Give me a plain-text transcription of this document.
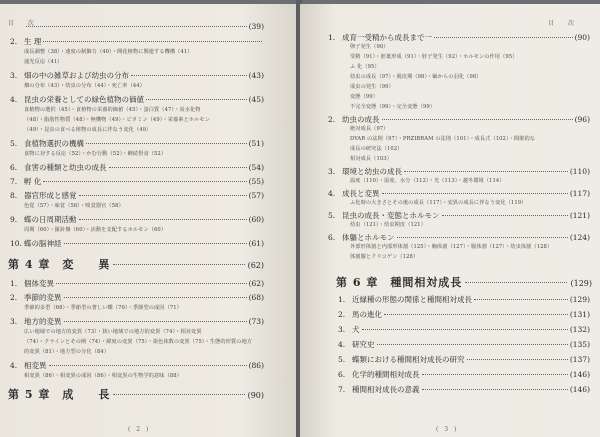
目 次	(39)
2. 生 理
成長調整（38）・速度の制御力（40）・開花植物に関連する機構（41）
通光反応（41）
3. 畑の中の雑草および幼虫の分布	(43)
畑の分布（43）・幼虫の分布（44）・死亡率（44）
4. 昆虫の栄養としての緑色植物の価値	(45)
食植物の選択（45）・食植物の栄養的価値（45）・蛋白質（47）・炭水化物
（48）・脂肪性物質（48）・無機物（49）・ビタミン（49）・栄養素とホルモン
（49）・昆虫の食べる植物の成長に伴なう変化（49）
5. 食植物選択の機構	(51)
食物に対する反応（52）・かむ行動（52）・継続摂食（52）
6. 食害の種類と幼虫の成長	(54)
7. 孵 化	(55)
8. 器官形成と感覚	(57)
色覚（57）・味覚（58）・嗅覚器官（58）
9. 蝶の日周期活動	(60)
周期（60）・羅針盤（60）・活動を支配するホルモン（60）
10. 蝶の脳神経	(61)
第 4 章　変　　異	(62)
1. 個体変異	(62)
2. 季節的変異	(68)
季節的多型（68）・季節型の著しい蝶（70）・季節型の成因（71）
3. 地方的変異	(73)
広い地域での地方的変異（73）・狭い地域での地方的変異（74）・相対変異
（74）・クラインとその例（74）・緯度の変異（75）・染色体数の変異（75）・生態的形質の地方
的変異（81）・地方型の分化（84）
4. 相変異	(86)
相変異（86）・相変異の成因（86）・相変異の生物学的意味（88）
第 5 章　成　　長	(90)
( 2 )
目 次
1. 成育一受精から成長まで一	(90)
卵子発生（90）
受精（91）・胚葉形成（91）・胚子発生（92）・ホルモンの作用（95）
ふ 化（95）
幼虫の成長（97）・脱皮期（98）・蛹からの羽化（98）
成虫の発生（99）
変態（99）
不完全変態（99）・完全変態（99）
2. 幼虫の成長	(96)
絶対成長（97）
DYAR の法則（97）・PRZIBRAM の法則（101）・成長式（102）・間歇的な
成長の研究法（102）
相対成長（103）
3. 環境と幼虫の成長	(110)
温度（110）・湿度、水分（112）・光（113）・越冬環境（114）
4. 成長と変異	(117)
ふ化時の大きさとその後の成長（117）・変異の成長に伴なう変化（119）
5. 昆虫の成長・変態とホルモン	(121)
幼虫（121）・幼虫期皮（121）
6. 体軀とホルモン	(124)
外部形体割と内部形体割（125）・胸体割（127）・腸体割（127）・幼虫体割（128）
体割腺とクリコゲン（128）
第 6 章　種間相対成長	(129)
1. 近縁種の形態の関係と種間相対成長	(129)
2. 馬の進化	(131)
3. 犬	(132)
4. 研究史	(135)
5. 蝶類における種間相対成長の研究	(137)
6. 化学的種間相対成長	(146)
7. 種間相対成長の意義	(146)
( 3 )
